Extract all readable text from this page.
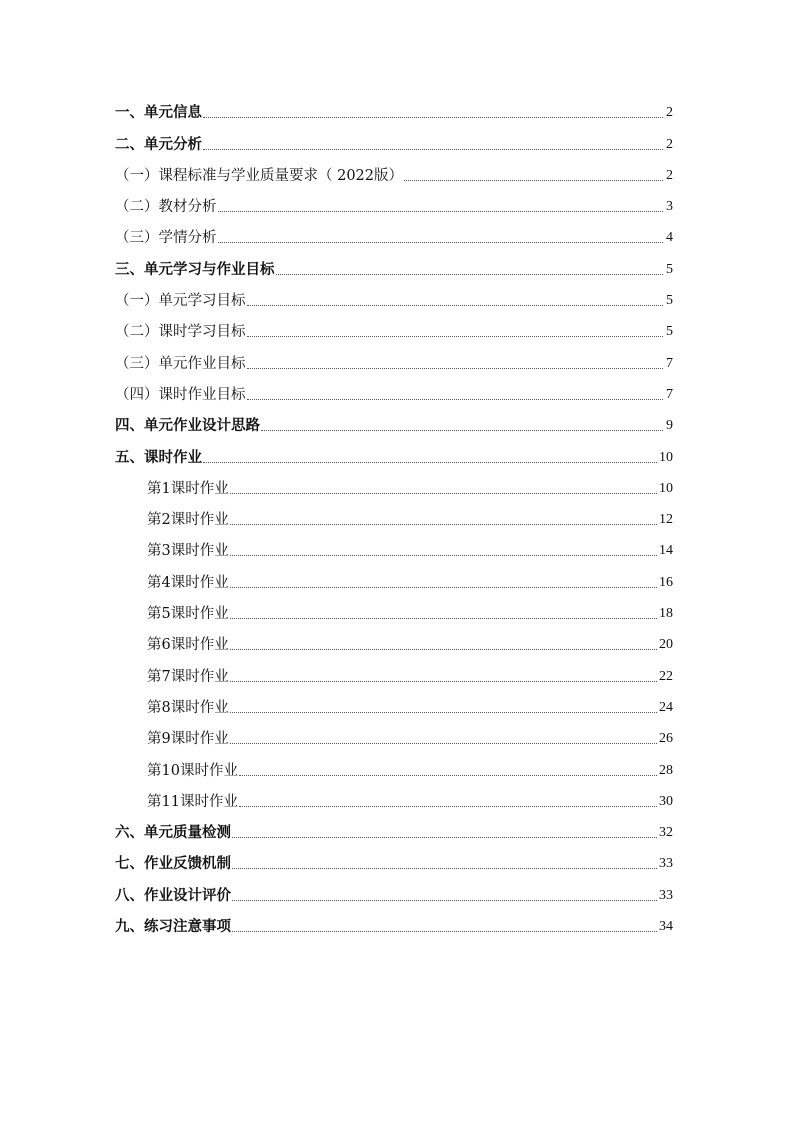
一、单元信息	2
二、单元分析	2
（一）课程标准与学业质量要求（ 2022版）	2
（二）教材分析	3
（三）学情分析	4
三、单元学习与作业目标	5
（一）单元学习目标	5
（二）课时学习目标	5
（三）单元作业目标	7
（四）课时作业目标	7
四、单元作业设计思路	9
五、课时作业	10
第1课时作业	10
第2课时作业	12
第3课时作业	14
第4课时作业	16
第5课时作业	18
第6课时作业	20
第7课时作业	22
第8课时作业	24
第9课时作业	26
第10课时作业	28
第11课时作业	30
六、单元质量检测	32
七、作业反馈机制	33
八、作业设计评价	33
九、练习注意事项	34
